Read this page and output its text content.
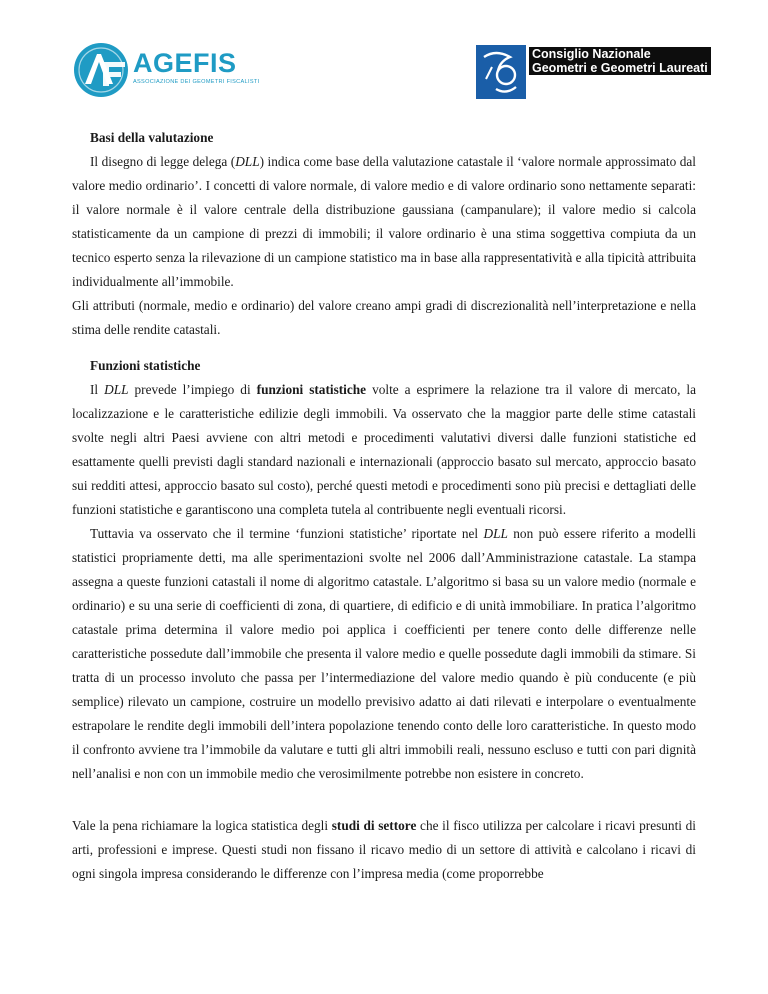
AGEFIS
ASSOCIAZIONE DEI GEOMETRI FISCALISTI
Consiglio Nazionale
Geometri e Geometri Laureati

Basi della valutazione

Il disegno di legge delega (DLL) indica come base della valutazione catastale il ‘valore normale approssimato dal valore medio ordinario’. I concetti di valore normale, di valore medio e di valore ordinario sono nettamente separati: il valore normale è il valore centrale della distribuzione gaussiana (campanulare); il valore medio si calcola statisticamente da un campione di prezzi di immobili; il valore ordinario è una stima soggettiva compiuta da un tecnico esperto senza la rilevazione di un campione statistico ma in base alla rappresentatività e alla tipicità attribuita individualmente all’immobile.

Gli attributi (normale, medio e ordinario) del valore creano ampi gradi di discrezionalità nell’interpretazione e nella stima delle rendite catastali.

Funzioni statistiche

Il DLL prevede l’impiego di funzioni statistiche volte a esprimere la relazione tra il valore di mercato, la localizzazione e le caratteristiche edilizie degli immobili. Va osservato che la maggior parte delle stime catastali svolte negli altri Paesi avviene con altri metodi e procedimenti valutativi diversi dalle funzioni statistiche ed esattamente quelli previsti dagli standard nazionali e internazionali (approccio basato sul mercato, approccio basato sui redditi attesi, approccio basato sul costo), perché questi metodi e procedimenti sono più precisi e dettagliati delle funzioni statistiche e garantiscono una completa tutela al contribuente negli eventuali ricorsi.

Tuttavia va osservato che il termine ‘funzioni statistiche’ riportate nel DLL non può essere riferito a modelli statistici propriamente detti, ma alle sperimentazioni svolte nel 2006 dall’Amministrazione catastale. La stampa assegna a queste funzioni catastali il nome di algoritmo catastale. L’algoritmo si basa su un valore medio (normale e ordinario) e su una serie di coefficienti di zona, di quartiere, di edificio e di unità immobiliare. In pratica l’algoritmo catastale prima determina il valore medio poi applica i coefficienti per tenere conto delle differenze nelle caratteristiche possedute dall’immobile che presenta il valore medio e quelle possedute dagli immobili da stimare. Si tratta di un processo involuto che passa per l’intermediazione del valore medio quando è più conducente (e più semplice) rilevato un campione, costruire un modello previsivo adatto ai dati rilevati e interpolare o eventualmente estrapolare le rendite degli immobili dell’intera popolazione tenendo conto delle loro caratteristiche. In questo modo il confronto avviene tra l’immobile da valutare e tutti gli altri immobili reali, nessuno escluso e tutti con pari dignità nell’analisi e non con un immobile medio che verosimilmente potrebbe non esistere in concreto.

Vale la pena richiamare la logica statistica degli studi di settore che il fisco utilizza per calcolare i ricavi presunti di arti, professioni e imprese. Questi studi non fissano il ricavo medio di un settore di attività e calcolano i ricavi di ogni singola impresa considerando le differenze con l’impresa media (come proporrebbe
